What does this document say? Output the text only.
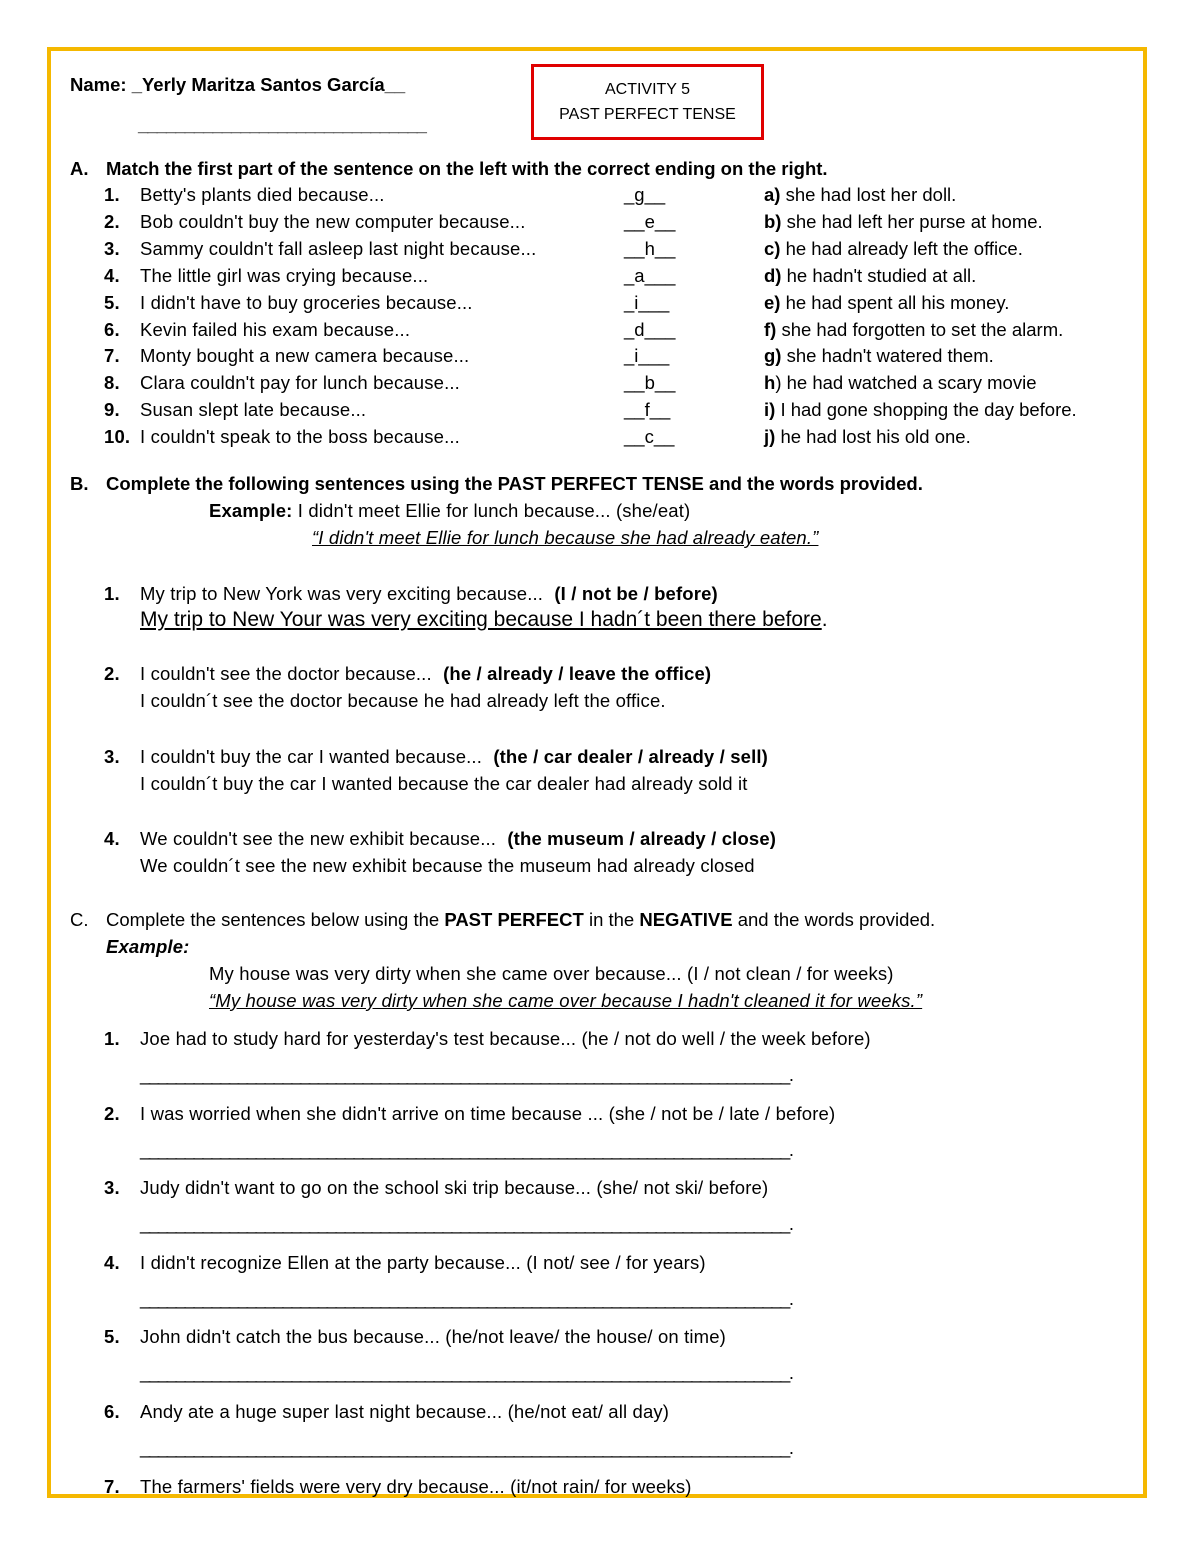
Name: _Yerly Maritza Santos García__
_______________________________
ACTIVITY 5
PAST PERFECT TENSE
A. Match the first part of the sentence on the left with the correct ending on the right.
1. Betty's plants died because...	_g__	a) she had lost her doll.
2. Bob couldn't buy the new computer because...	__e__	b) she had left her purse at home.
3. Sammy couldn't fall asleep last night because...	__h__	c) he had already left the office.
4. The little girl was crying because...	_a___	d) he hadn't studied at all.
5. I didn't have to buy groceries because...	_i___	e) he had spent all his money.
6. Kevin failed his exam because...	_d___	f) she had forgotten to set the alarm.
7. Monty bought a new camera because...	_i___	g) she hadn't watered them.
8. Clara couldn't pay for lunch because...	__b__	h) he had watched a scary movie
9. Susan slept late because...	__f__	i) I had gone shopping the day before.
10. I couldn't speak to the boss because...	__c__	j) he had lost his old one.
B. Complete the following sentences using the PAST PERFECT TENSE and the words provided.
Example: I didn't meet Ellie for lunch because... (she/eat)
“I didn't meet Ellie for lunch because she had already eaten.”
1. My trip to New York was very exciting because... (I / not be / before)
My trip to New Your was very exciting because I hadn´t been there before.
2. I couldn't see the doctor because... (he / already / leave the office)
I couldn´t see the doctor because he had already left the office.
3. I couldn't buy the car I wanted because... (the / car dealer / already / sell)
I couldn´t buy the car I wanted because the car dealer had already sold it
4. We couldn't see the new exhibit because... (the museum / already / close)
We couldn´t see the new exhibit because the museum had already closed
C. Complete the sentences below using the PAST PERFECT in the NEGATIVE and the words provided.
Example:
My house was very dirty when she came over because... (I / not clean / for weeks)
“My house was very dirty when she came over because I hadn't cleaned it for weeks.”
1. Joe had to study hard for yesterday's test because... (he / not do well / the week before)
_________________________________________________________________________.
2. I was worried when she didn't arrive on time because ... (she / not be / late / before)
_________________________________________________________________________.
3. Judy didn't want to go on the school ski trip because... (she/ not ski/ before)
_________________________________________________________________________.
4. I didn't recognize Ellen at the party because... (I not/ see / for years)
_________________________________________________________________________.
5. John didn't catch the bus because... (he/not leave/ the house/ on time)
_________________________________________________________________________.
6. Andy ate a huge super last night because... (he/not eat/ all day)
_________________________________________________________________________.
7. The farmers' fields were very dry because... (it/not rain/ for weeks)
